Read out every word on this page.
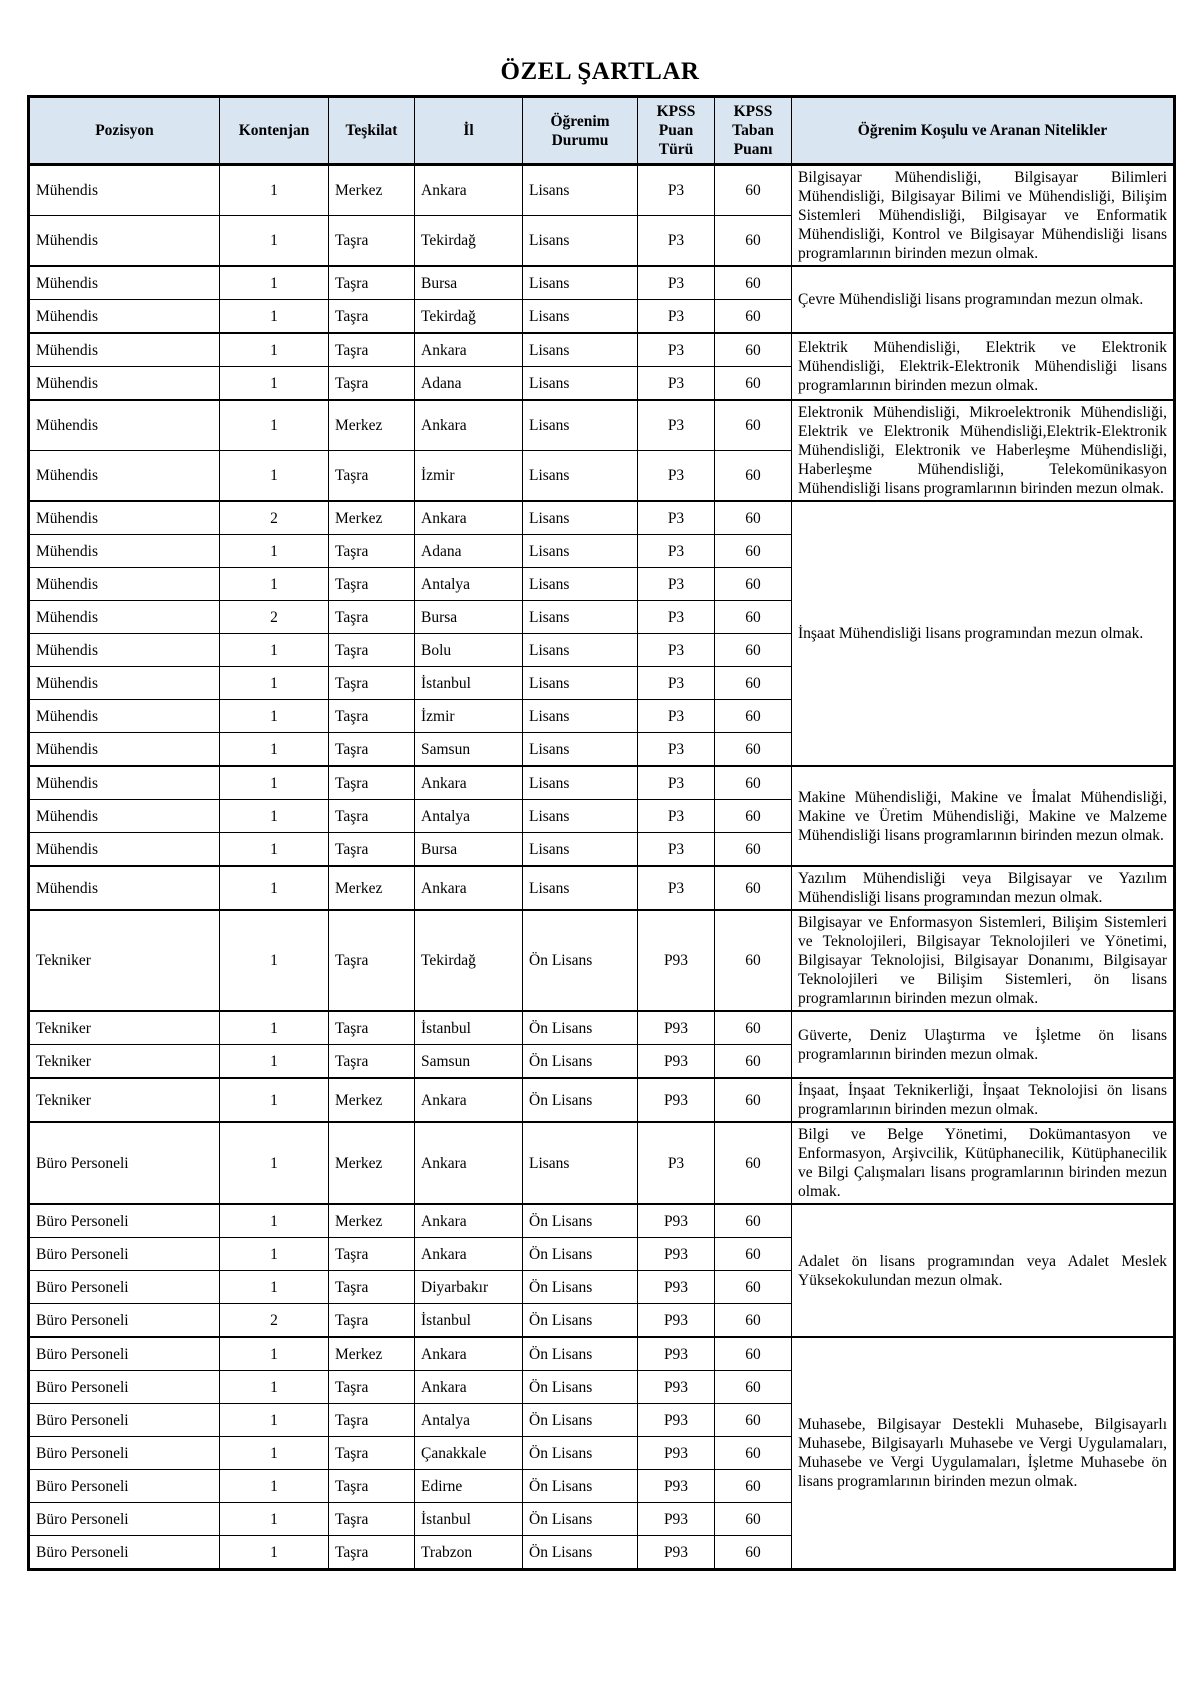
ÖZEL ŞARTLAR
Pozisyon	Kontenjan	Teşkilat	İl	Öğrenim Durumu	KPSS Puan Türü	KPSS Taban Puanı	Öğrenim Koşulu ve Aranan Nitelikler
Mühendis	1	Merkez	Ankara	Lisans	P3	60	Bilgisayar Mühendisliği, Bilgisayar Bilimleri Mühendisliği, Bilgisayar Bilimi ve Mühendisliği, Bilişim Sistemleri Mühendisliği, Bilgisayar ve Enformatik Mühendisliği, Kontrol ve Bilgisayar Mühendisliği lisans programlarının birinden mezun olmak.
Mühendis	1	Taşra	Tekirdağ	Lisans	P3	60	
Mühendis	1	Taşra	Bursa	Lisans	P3	60	Çevre Mühendisliği lisans programından mezun olmak.
Mühendis	1	Taşra	Tekirdağ	Lisans	P3	60	
Mühendis	1	Taşra	Ankara	Lisans	P3	60	Elektrik Mühendisliği, Elektrik ve Elektronik Mühendisliği, Elektrik-Elektronik Mühendisliği lisans programlarının birinden mezun olmak.
Mühendis	1	Taşra	Adana	Lisans	P3	60	
Mühendis	1	Merkez	Ankara	Lisans	P3	60	Elektronik Mühendisliği, Mikroelektronik Mühendisliği, Elektrik ve Elektronik Mühendisliği,Elektrik-Elektronik Mühendisliği, Elektronik ve Haberleşme Mühendisliği, Haberleşme Mühendisliği, Telekomünikasyon Mühendisliği lisans programlarının birinden mezun olmak.
Mühendis	1	Taşra	İzmir	Lisans	P3	60	
Mühendis	2	Merkez	Ankara	Lisans	P3	60	İnşaat Mühendisliği lisans programından mezun olmak.
Mühendis	1	Taşra	Adana	Lisans	P3	60	
Mühendis	1	Taşra	Antalya	Lisans	P3	60	
Mühendis	2	Taşra	Bursa	Lisans	P3	60	
Mühendis	1	Taşra	Bolu	Lisans	P3	60	
Mühendis	1	Taşra	İstanbul	Lisans	P3	60	
Mühendis	1	Taşra	İzmir	Lisans	P3	60	
Mühendis	1	Taşra	Samsun	Lisans	P3	60	
Mühendis	1	Taşra	Ankara	Lisans	P3	60	Makine Mühendisliği, Makine ve İmalat Mühendisliği, Makine ve Üretim Mühendisliği, Makine ve Malzeme Mühendisliği lisans programlarının birinden mezun olmak.
Mühendis	1	Taşra	Antalya	Lisans	P3	60	
Mühendis	1	Taşra	Bursa	Lisans	P3	60	
Mühendis	1	Merkez	Ankara	Lisans	P3	60	Yazılım Mühendisliği veya Bilgisayar ve Yazılım Mühendisliği lisans programından mezun olmak.
Tekniker	1	Taşra	Tekirdağ	Ön Lisans	P93	60	Bilgisayar ve Enformasyon Sistemleri, Bilişim Sistemleri ve Teknolojileri, Bilgisayar Teknolojileri ve Yönetimi, Bilgisayar Teknolojisi, Bilgisayar Donanımı, Bilgisayar Teknolojileri ve Bilişim Sistemleri, ön lisans programlarının birinden mezun olmak.
Tekniker	1	Taşra	İstanbul	Ön Lisans	P93	60	Güverte, Deniz Ulaştırma ve İşletme ön lisans programlarının birinden mezun olmak.
Tekniker	1	Taşra	Samsun	Ön Lisans	P93	60	
Tekniker	1	Merkez	Ankara	Ön Lisans	P93	60	İnşaat, İnşaat Teknikerliği, İnşaat Teknolojisi ön lisans programlarının birinden mezun olmak.
Büro Personeli	1	Merkez	Ankara	Lisans	P3	60	Bilgi ve Belge Yönetimi, Dokümantasyon ve Enformasyon, Arşivcilik, Kütüphanecilik, Kütüphanecilik ve Bilgi Çalışmaları lisans programlarının birinden mezun olmak.
Büro Personeli	1	Merkez	Ankara	Ön Lisans	P93	60	Adalet ön lisans programından veya Adalet Meslek Yüksekokulundan mezun olmak.
Büro Personeli	1	Taşra	Ankara	Ön Lisans	P93	60	
Büro Personeli	1	Taşra	Diyarbakır	Ön Lisans	P93	60	
Büro Personeli	2	Taşra	İstanbul	Ön Lisans	P93	60	
Büro Personeli	1	Merkez	Ankara	Ön Lisans	P93	60	Muhasebe, Bilgisayar Destekli Muhasebe, Bilgisayarlı Muhasebe, Bilgisayarlı Muhasebe ve Vergi Uygulamaları, Muhasebe ve Vergi Uygulamaları, İşletme Muhasebe ön lisans programlarının birinden mezun olmak.
Büro Personeli	1	Taşra	Ankara	Ön Lisans	P93	60	
Büro Personeli	1	Taşra	Antalya	Ön Lisans	P93	60	
Büro Personeli	1	Taşra	Çanakkale	Ön Lisans	P93	60	
Büro Personeli	1	Taşra	Edirne	Ön Lisans	P93	60	
Büro Personeli	1	Taşra	İstanbul	Ön Lisans	P93	60	
Büro Personeli	1	Taşra	Trabzon	Ön Lisans	P93	60	
